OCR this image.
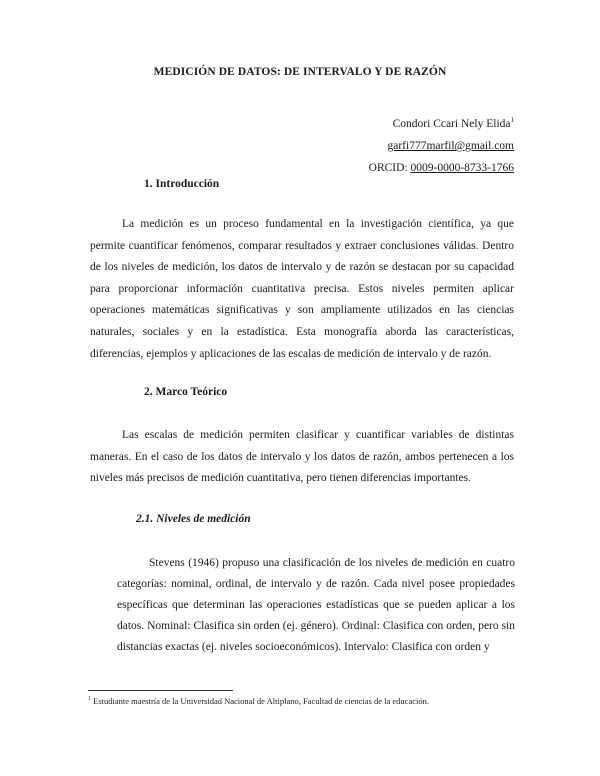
MEDICIÓN DE DATOS: DE INTERVALO Y DE RAZÓN
Condori Ccari Nely Elida$^1$
garfi777marfil@gmail.com
ORCID: 0009-0000-8733-1766
1. Introducción
La medición es un proceso fundamental en la investigación científica, ya que permite cuantificar fenómenos, comparar resultados y extraer conclusiones válidas. Dentro de los niveles de medición, los datos de intervalo y de razón se destacan por su capacidad para proporcionar información cuantitativa precisa. Estos niveles permiten aplicar operaciones matemáticas significativas y son ampliamente utilizados en las ciencias naturales, sociales y en la estadística. Esta monografía aborda las características, diferencias, ejemplos y aplicaciones de las escalas de medición de intervalo y de razón.
2. Marco Teórico
Las escalas de medición permiten clasificar y cuantificar variables de distintas maneras. En el caso de los datos de intervalo y los datos de razón, ambos pertenecen a los niveles más precisos de medición cuantitativa, pero tienen diferencias importantes.
2.1. Niveles de medición
Stevens (1946) propuso una clasificación de los niveles de medición en cuatro categorías: nominal, ordinal, de intervalo y de razón. Cada nivel posee propiedades específicas que determinan las operaciones estadísticas que se pueden aplicar a los datos. Nominal: Clasifica sin orden (ej. género). Ordinal: Clasifica con orden, pero sin distancias exactas (ej. niveles socioeconómicos). Intervalo: Clasifica con orden y
$^1$ Estudiante maestría de la Universidad Nacional de Altiplano, Facultad de ciencias de la educación.
